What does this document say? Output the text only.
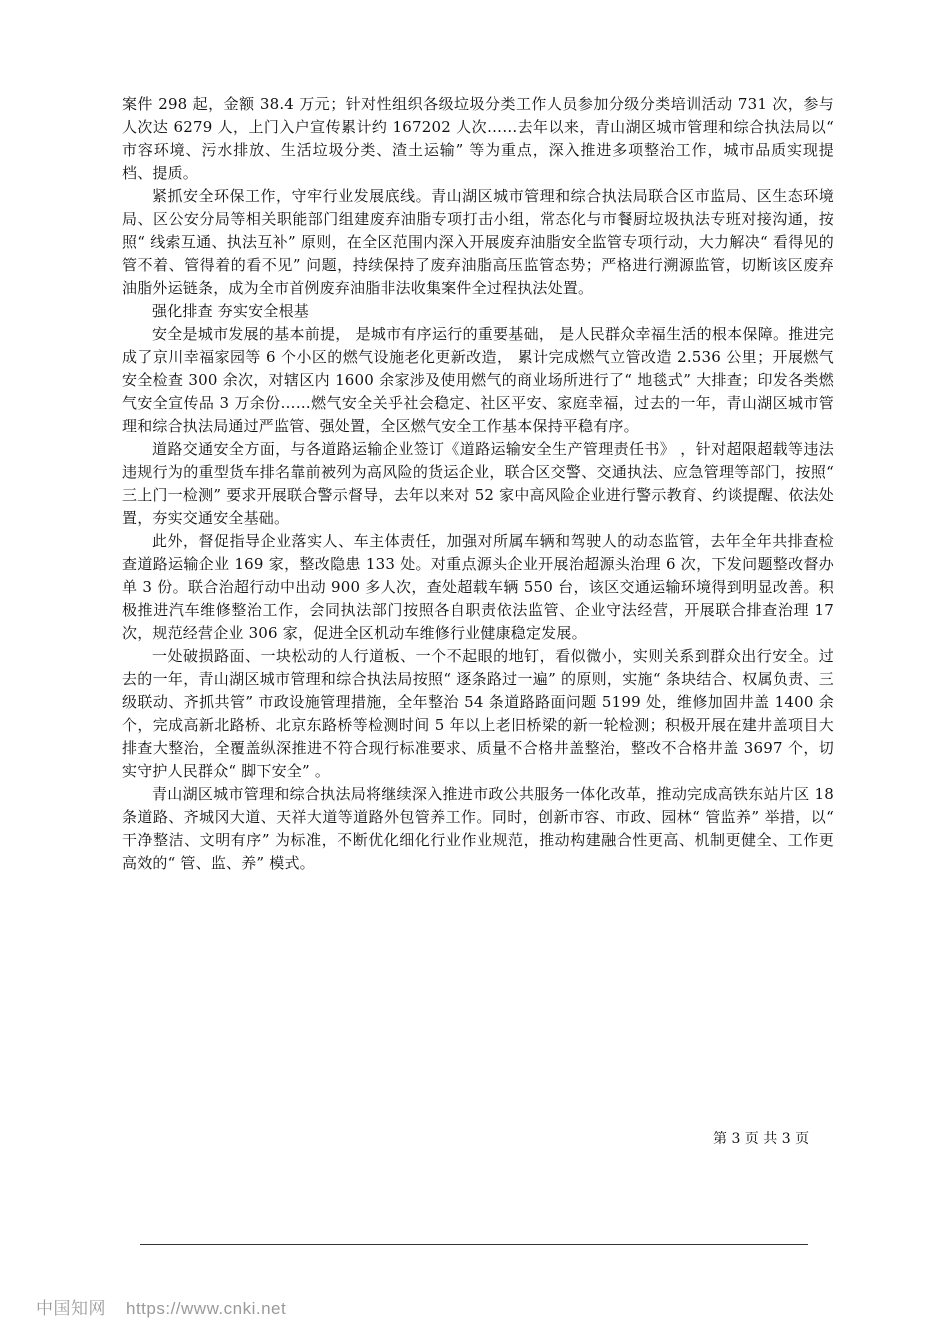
案件 298 起，金额 38.4 万元；针对性组织各级垃圾分类工作人员参加分级分类培训活动 731 次，参与人次达 6279 人，上门入户宣传累计约 167202 人次……去年以来，青山湖区城市管理和综合执法局以“ 市容环境、污水排放、生活垃圾分类、渣土运输” 等为重点，深入推进多项整治工作，城市品质实现提档、提质。

紧抓安全环保工作，守牢行业发展底线。青山湖区城市管理和综合执法局联合区市监局、区生态环境局、区公安分局等相关职能部门组建废弃油脂专项打击小组，常态化与市餐厨垃圾执法专班对接沟通，按照“ 线索互通、执法互补” 原则，在全区范围内深入开展废弃油脂安全监管专项行动，大力解决“ 看得见的管不着、管得着的看不见” 问题，持续保持了废弃油脂高压监管态势；严格进行溯源监管，切断该区废弃油脂外运链条，成为全市首例废弃油脂非法收集案件全过程执法处置。

强化排查 夯实安全根基

安全是城市发展的基本前提， 是城市有序运行的重要基础， 是人民群众幸福生活的根本保障。推进完成了京川幸福家园等 6 个小区的燃气设施老化更新改造， 累计完成燃气立管改造 2.536 公里；开展燃气安全检查 300 余次，对辖区内 1600 余家涉及使用燃气的商业场所进行了“ 地毯式” 大排查；印发各类燃气安全宣传品 3 万余份……燃气安全关乎社会稳定、社区平安、家庭幸福，过去的一年，青山湖区城市管理和综合执法局通过严监管、强处置，全区燃气安全工作基本保持平稳有序。

道路交通安全方面，与各道路运输企业签订《道路运输安全生产管理责任书》 ，针对超限超载等违法违规行为的重型货车排名靠前被列为高风险的货运企业，联合区交警、交通执法、应急管理等部门，按照“ 三上门一检测” 要求开展联合警示督导，去年以来对 52 家中高风险企业进行警示教育、约谈提醒、依法处置，夯实交通安全基础。

此外，督促指导企业落实人、车主体责任，加强对所属车辆和驾驶人的动态监管，去年全年共排查检查道路运输企业 169 家，整改隐患 133 处。对重点源头企业开展治超源头治理 6 次，下发问题整改督办单 3 份。联合治超行动中出动 900 多人次，查处超载车辆 550 台，该区交通运输环境得到明显改善。积极推进汽车维修整治工作，会同执法部门按照各自职责依法监管、企业守法经营，开展联合排查治理 17 次，规范经营企业 306 家，促进全区机动车维修行业健康稳定发展。

一处破损路面、一块松动的人行道板、一个不起眼的地钉，看似微小，实则关系到群众出行安全。过去的一年，青山湖区城市管理和综合执法局按照“ 逐条路过一遍” 的原则，实施“ 条块结合、权属负责、三级联动、齐抓共管” 市政设施管理措施，全年整治 54 条道路路面问题 5199 处，维修加固井盖 1400 余个，完成高新北路桥、北京东路桥等检测时间 5 年以上老旧桥梁的新一轮检测；积极开展在建井盖项目大排查大整治，全覆盖纵深推进不符合现行标准要求、质量不合格井盖整治，整改不合格井盖 3697 个，切实守护人民群众“ 脚下安全” 。

青山湖区城市管理和综合执法局将继续深入推进市政公共服务一体化改革，推动完成高铁东站片区 18 条道路、齐城冈大道、天祥大道等道路外包管养工作。同时，创新市容、市政、园林“ 管监养” 举措，以“ 干净整洁、文明有序” 为标准，不断优化细化行业作业规范，推动构建融合性更高、机制更健全、工作更高效的“ 管、监、养” 模式。

第 3 页 共 3 页
中国知网 https://www.cnki.net
